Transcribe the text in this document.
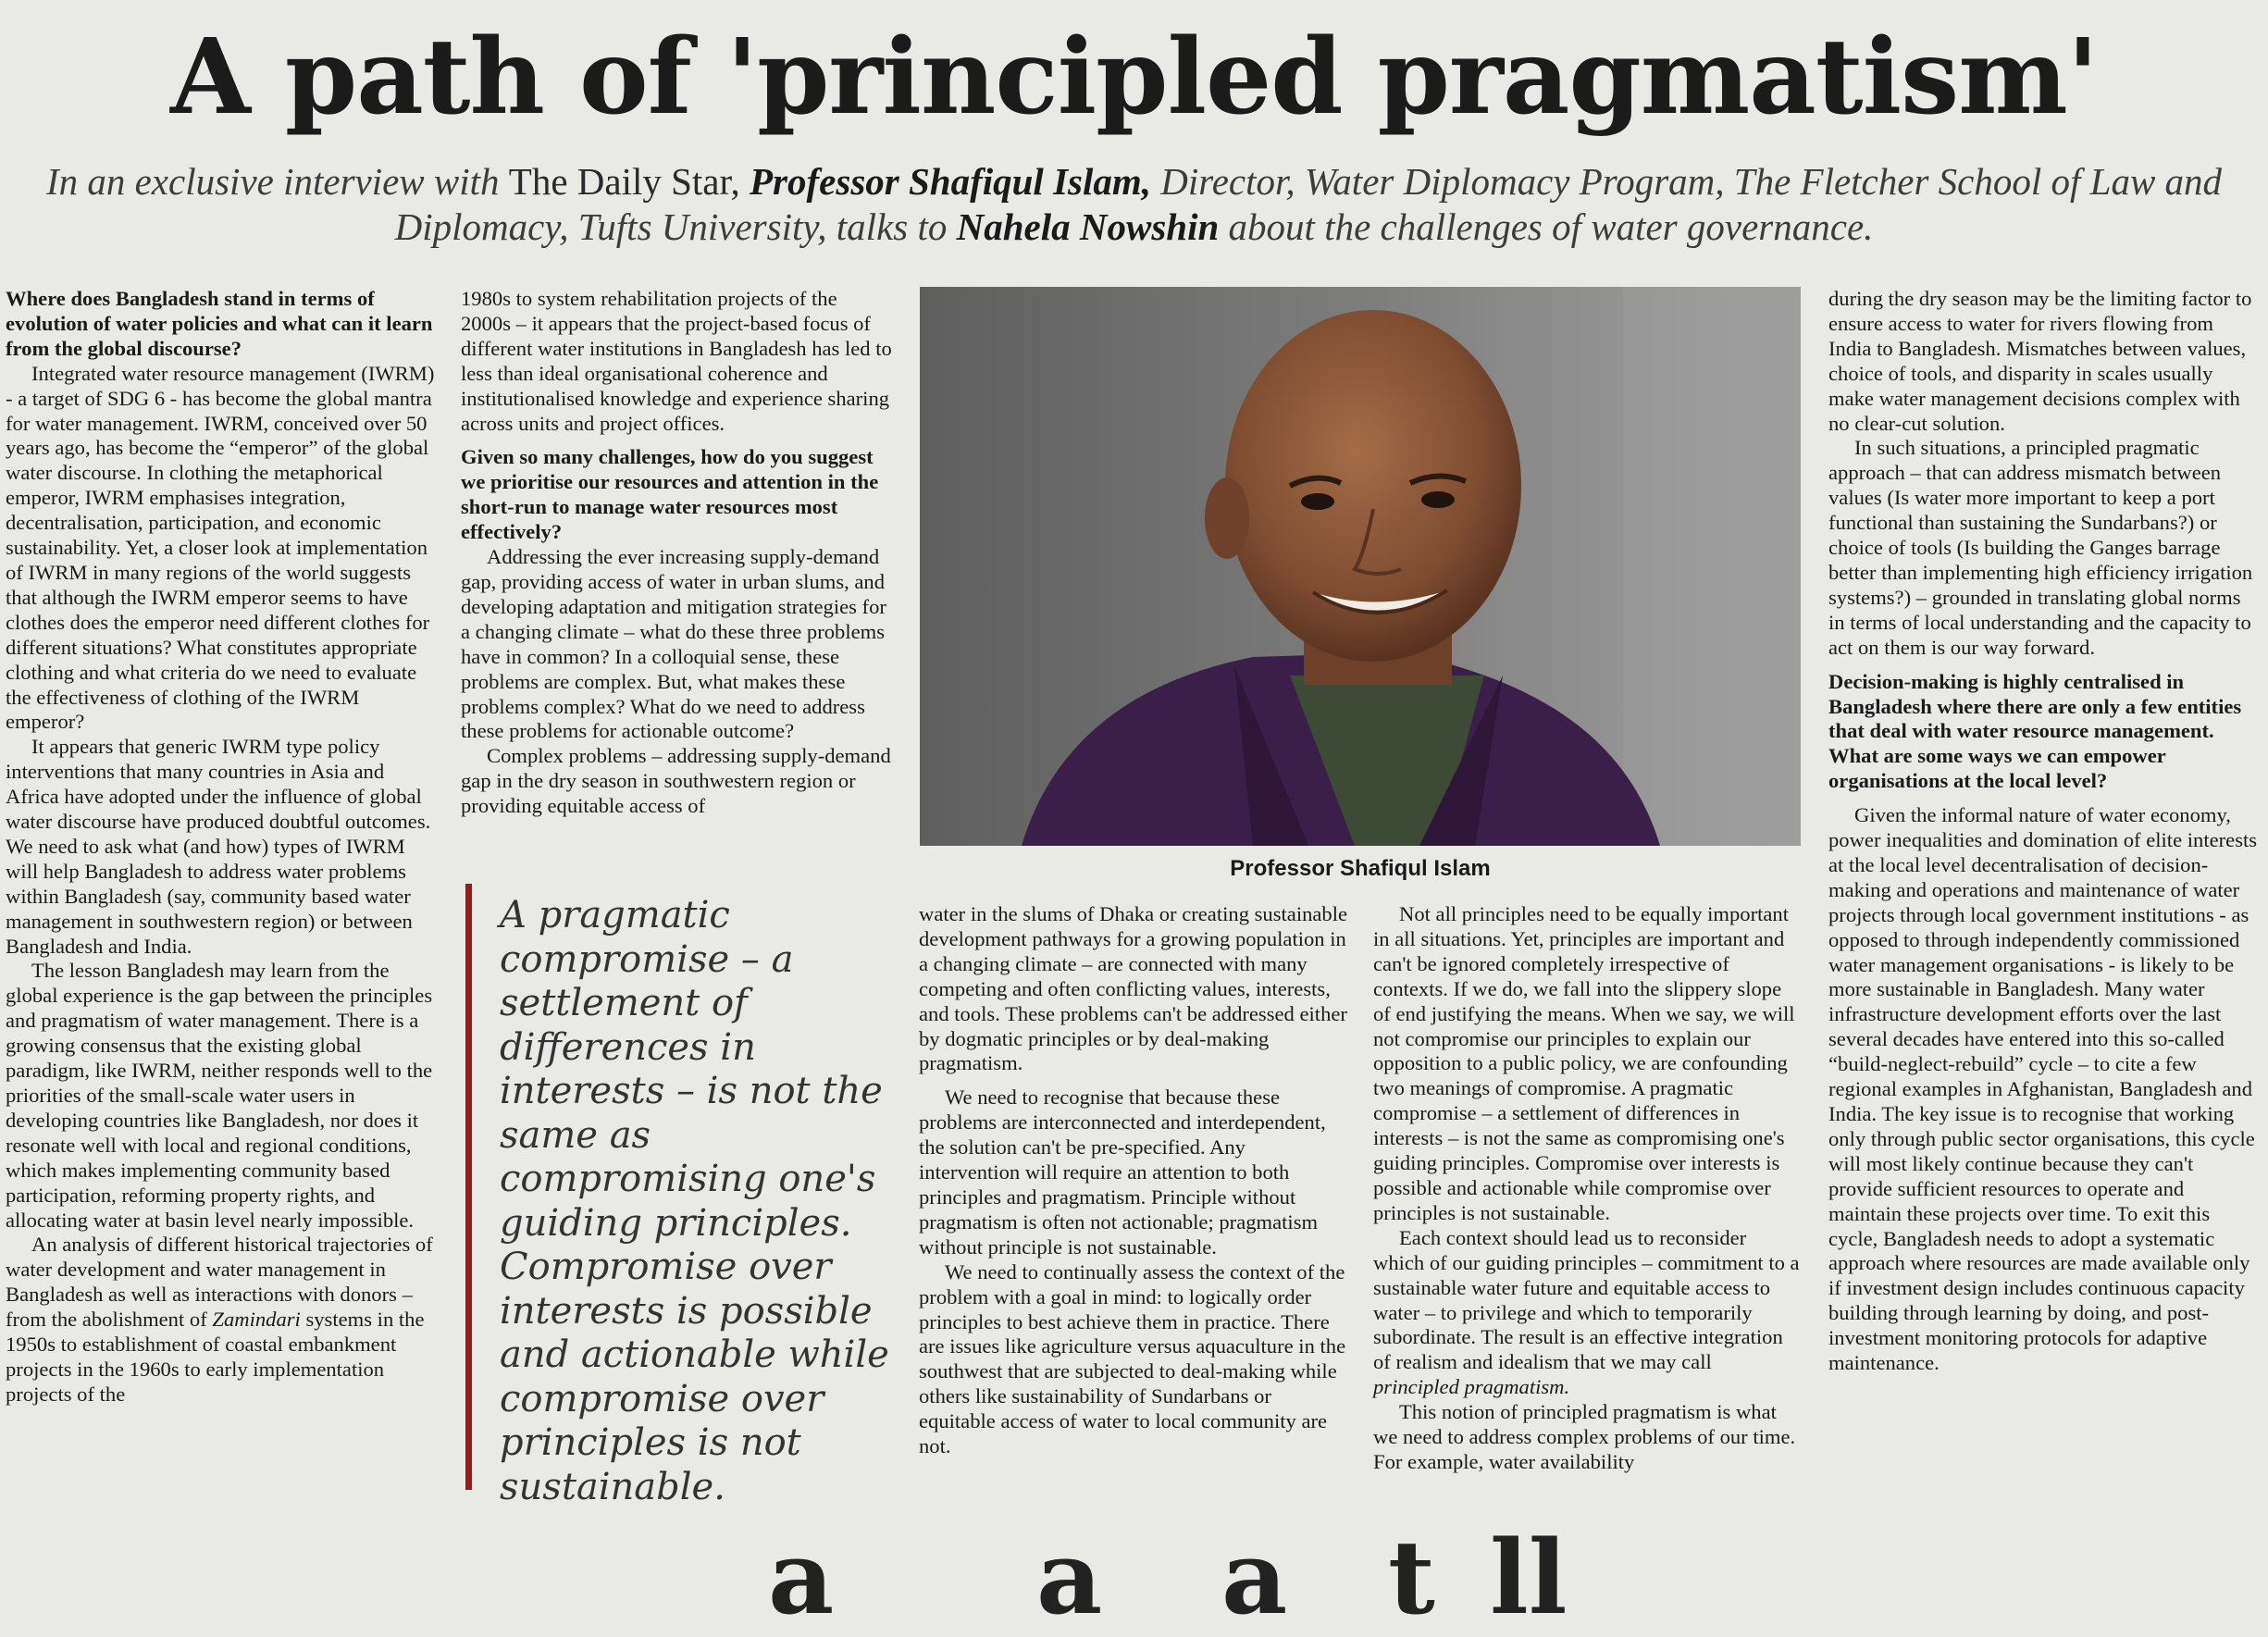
A path of 'principled pragmatism'
In an exclusive interview with The Daily Star, Professor Shafiqul Islam, Director, Water Diplomacy Program, The Fletcher School of Law and Diplomacy, Tufts University, talks to Nahela Nowshin about the challenges of water governance.

Where does Bangladesh stand in terms of evolution of water policies and what can it learn from the global discourse?

Integrated water resource management (IWRM) - a target of SDG 6 - has become the global mantra for water management. IWRM, conceived over 50 years ago, has become the “emperor” of the global water discourse. In clothing the metaphorical emperor, IWRM emphasises integration, decentralisation, participation, and economic sustainability. Yet, a closer look at implementation of IWRM in many regions of the world suggests that although the IWRM emperor seems to have clothes does the emperor need different clothes for different situations? What constitutes appropriate clothing and what criteria do we need to evaluate the effectiveness of clothing of the IWRM emperor?

It appears that generic IWRM type policy interventions that many countries in Asia and Africa have adopted under the influence of global water discourse have produced doubtful outcomes. We need to ask what (and how) types of IWRM will help Bangladesh to address water problems within Bangladesh (say, community based water management in southwestern region) or between Bangladesh and India.

The lesson Bangladesh may learn from the global experience is the gap between the principles and pragmatism of water management. There is a growing consensus that the existing global paradigm, like IWRM, neither responds well to the priorities of the small-scale water users in developing countries like Bangladesh, nor does it resonate well with local and regional conditions, which makes implementing community based participation, reforming property rights, and allocating water at basin level nearly impossible.

An analysis of different historical trajectories of water development and water management in Bangladesh as well as interactions with donors – from the abolishment of Zamindari systems in the 1950s to establishment of coastal embankment projects in the 1960s to early implementation projects of the

1980s to system rehabilitation projects of the 2000s – it appears that the project-based focus of different water institutions in Bangladesh has led to less than ideal organisational coherence and institutionalised knowledge and experience sharing across units and project offices.

Given so many challenges, how do you suggest we prioritise our resources and attention in the short-run to manage water resources most effectively?

Addressing the ever increasing supply-demand gap, providing access of water in urban slums, and developing adaptation and mitigation strategies for a changing climate – what do these three problems have in common? In a colloquial sense, these problems are complex. But, what makes these problems complex? What do we need to address these problems for actionable outcome?

Complex problems – addressing supply-demand gap in the dry season in southwestern region or providing equitable access of

Professor Shafiqul Islam
A pragmatic compromise – a settlement of differences in interests – is not the same as compromising one's guiding principles. Compromise over interests is possible and actionable while compromise over principles is not sustainable.

water in the slums of Dhaka or creating sustainable development pathways for a growing population in a changing climate – are connected with many competing and often conflicting values, interests, and tools. These problems can't be addressed either by dogmatic principles or by deal-making pragmatism.

We need to recognise that because these problems are interconnected and interdependent, the solution can't be pre-specified. Any intervention will require an attention to both principles and pragmatism. Principle without pragmatism is often not actionable; pragmatism without principle is not sustainable.

We need to continually assess the context of the problem with a goal in mind: to logically order principles to best achieve them in practice. There are issues like agriculture versus aquaculture in the southwest that are subjected to deal-making while others like sustainability of Sundarbans or equitable access of water to local community are not.

Not all principles need to be equally important in all situations. Yet, principles are important and can't be ignored completely irrespective of contexts. If we do, we fall into the slippery slope of end justifying the means. When we say, we will not compromise our principles to explain our opposition to a public policy, we are confounding two meanings of compromise. A pragmatic compromise – a settlement of differences in interests – is not the same as compromising one's guiding principles. Compromise over interests is possible and actionable while compromise over principles is not sustainable.

Each context should lead us to reconsider which of our guiding principles – commitment to a sustainable water future and equitable access to water – to privilege and which to temporarily subordinate. The result is an effective integration of realism and idealism that we may call principled pragmatism.

This notion of principled pragmatism is what we need to address complex problems of our time. For example, water availability

during the dry season may be the limiting factor to ensure access to water for rivers flowing from India to Bangladesh. Mismatches between values, choice of tools, and disparity in scales usually make water management decisions complex with no clear-cut solution.

In such situations, a principled pragmatic approach – that can address mismatch between values (Is water more important to keep a port functional than sustaining the Sundarbans?) or choice of tools (Is building the Ganges barrage better than implementing high efficiency irrigation systems?) – grounded in translating global norms in terms of local understanding and the capacity to act on them is our way forward.

Decision-making is highly centralised in Bangladesh where there are only a few entities that deal with water resource management. What are some ways we can empower organisations at the local level?

Given the informal nature of water economy, power inequalities and domination of elite interests at the local level decentralisation of decision-making and operations and maintenance of water projects through local government institutions - as opposed to through independently commissioned water management organisations - is likely to be more sustainable in Bangladesh. Many water infrastructure development efforts over the last several decades have entered into this so-called “build-neglect-rebuild” cycle – to cite a few regional examples in Afghanistan, Bangladesh and India. The key issue is to recognise that working only through public sector organisations, this cycle will most likely continue because they can't provide sufficient resources to operate and maintain these projects over time. To exit this cycle, Bangladesh needs to adopt a systematic approach where resources are made available only if investment design includes continuous capacity building through learning by doing, and post-investment monitoring protocols for adaptive maintenance.

a a a t ll
